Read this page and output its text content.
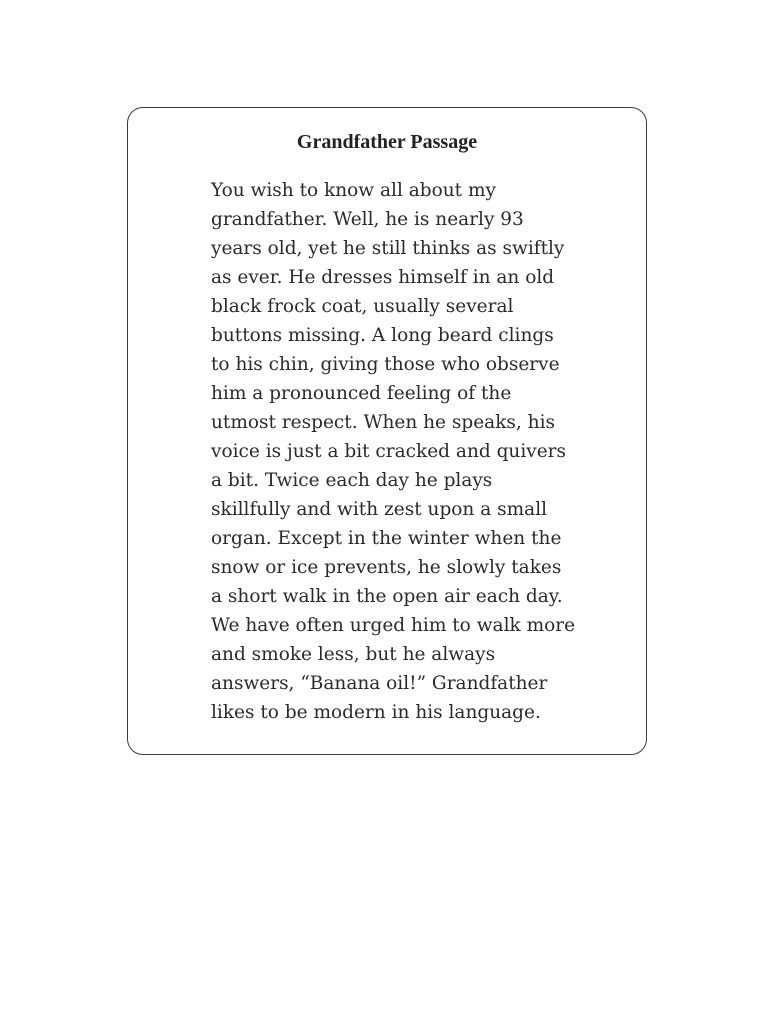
Grandfather Passage
You wish to know all about my
grandfather. Well, he is nearly 93
years old, yet he still thinks as swiftly
as ever. He dresses himself in an old
black frock coat, usually several
buttons missing. A long beard clings
to his chin, giving those who observe
him a pronounced feeling of the
utmost respect. When he speaks, his
voice is just a bit cracked and quivers
a bit. Twice each day he plays
skillfully and with zest upon a small
organ. Except in the winter when the
snow or ice prevents, he slowly takes
a short walk in the open air each day.
We have often urged him to walk more
and smoke less, but he always
answers, “Banana oil!” Grandfather
likes to be modern in his language.
